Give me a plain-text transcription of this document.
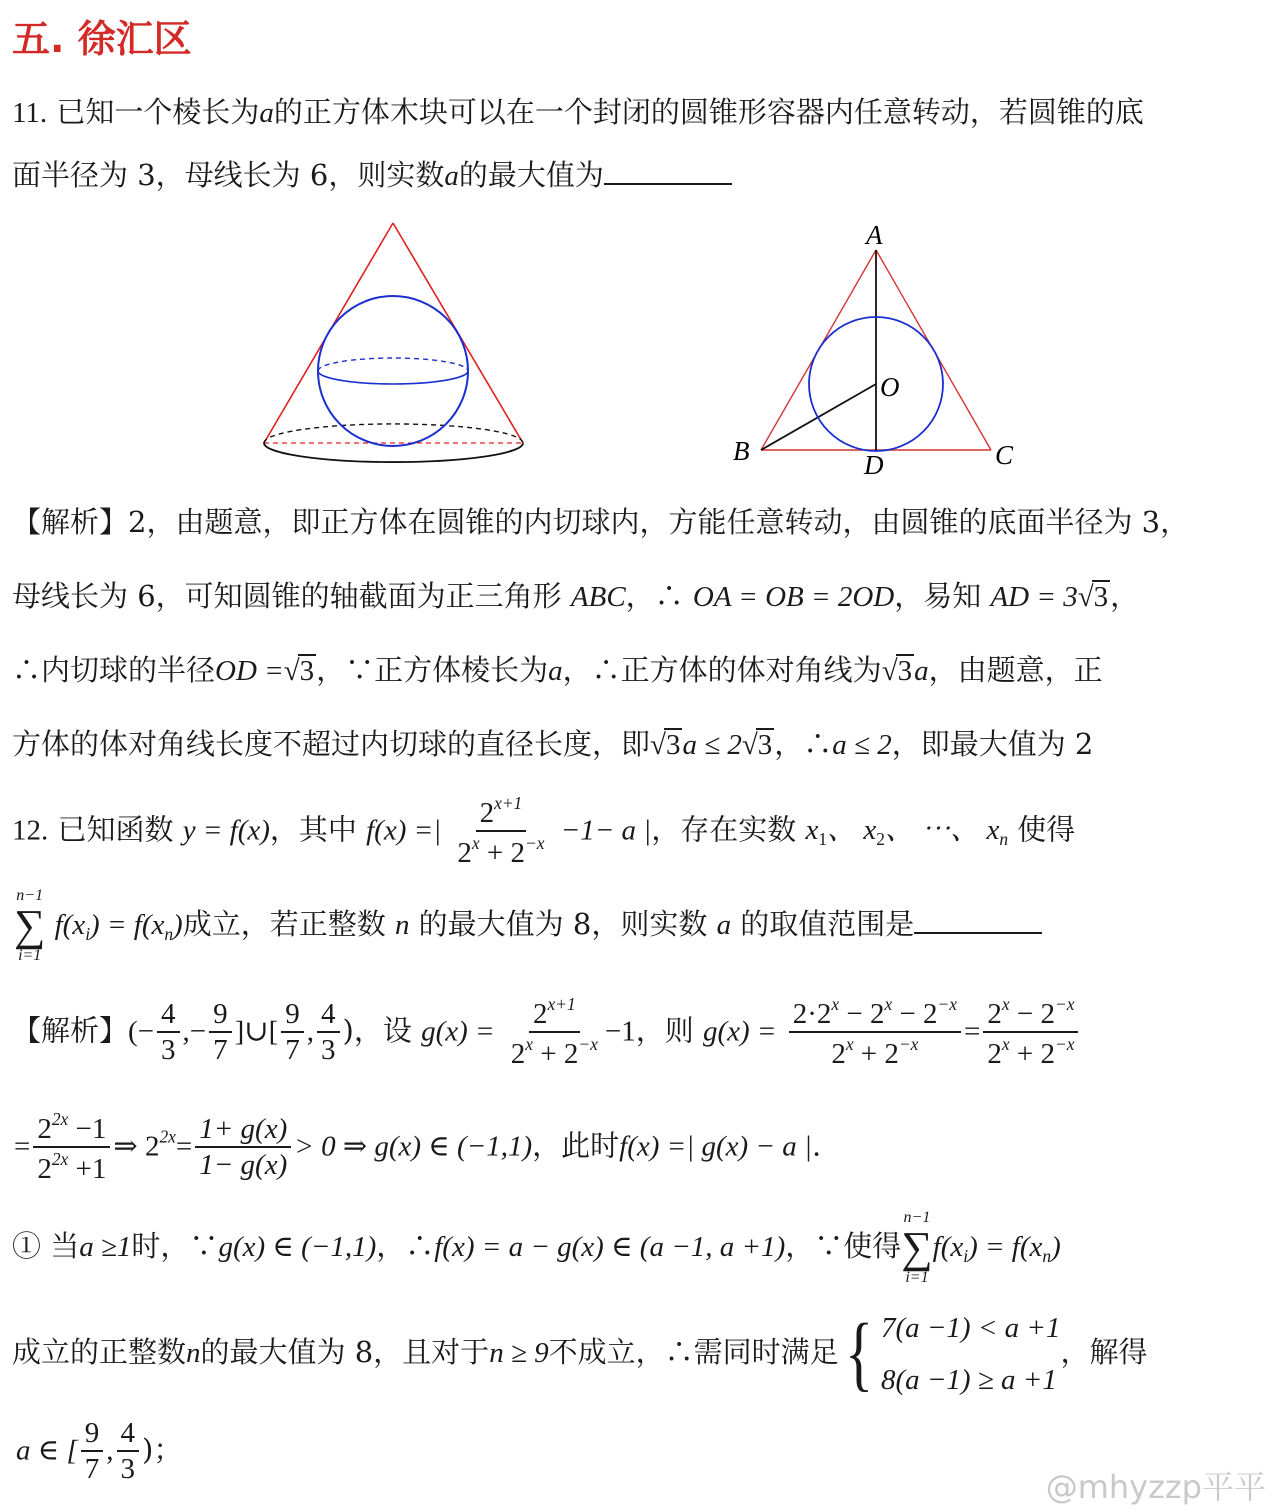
五. 徐汇区
11. 已知一个棱长为a的正方体木块可以在一个封闭的圆锥形容器内任意转动，若圆锥的底
面半径为 3，母线长为 6，则实数a的最大值为
A
O
B	D	C
【解析】2，由题意，即正方体在圆锥的内切球内，方能任意转动，由圆锥的底面半径为 3，
母线长为 6，可知圆锥的轴截面为正三角形 ABC，∴ OA = OB = 2OD，易知 AD = 3√3，
∴内切球的半径OD =√3，∵正方体棱长为a，∴正方体的体对角线为√3a，由题意，正
方体的体对角线长度不超过内切球的直径长度，即√3a ≤ 2√3，∴a ≤ 2，即最大值为 2
12. 已知函数 y = f(x)，其中 f(x) =| $\frac{2^{x+1}}{2^x + 2^{-x}} -1- a$ |，存在实数 $x_1$、 $x_2$、 ⋯、 $x_n$ 使得
n−1
∑
i=1
$f(x_i) = f(x_n)$成立，若正整数 n 的最大值为 8，则实数 a 的取值范围是
【解析】(− $\frac{4}{3}$ ,− $\frac{9}{7}$ ]∪[ $\frac{9}{7}$ , $\frac{4}{3}$ )，设 $g(x) = \frac{2^{x+1}}{2^x + 2^{-x}} -1$，则 $g(x) = \frac{2\cdot 2^x - 2^x - 2^{-x}}{2^x + 2^{-x}} = \frac{2^x - 2^{-x}}{2^x + 2^{-x}}$
= $\frac{2^{2x} -1}{2^{2x} +1}$ ⇒ $2^{2x}= \frac{1+ g(x)}{1- g(x)} > 0$ ⇒ g(x) ∈ (−1,1)，此时f(x) =| g(x) − a |.
① 当a ≥1时，∵g(x) ∈ (−1,1)，∴f(x) = a − g(x) ∈ (a −1, a +1)，∵使得
n−1
∑
i=1
$f(x_i) = f(x_n)$
成立的正整数n的最大值为 8，且对于n ≥ 9不成立，∴需同时满足 { 7(a −1) < a +1
8(a −1) ≥ a +1
，解得
a ∈ [ $\frac{9}{7}$ , $\frac{4}{3}$ )；
@mhyzzp平平
